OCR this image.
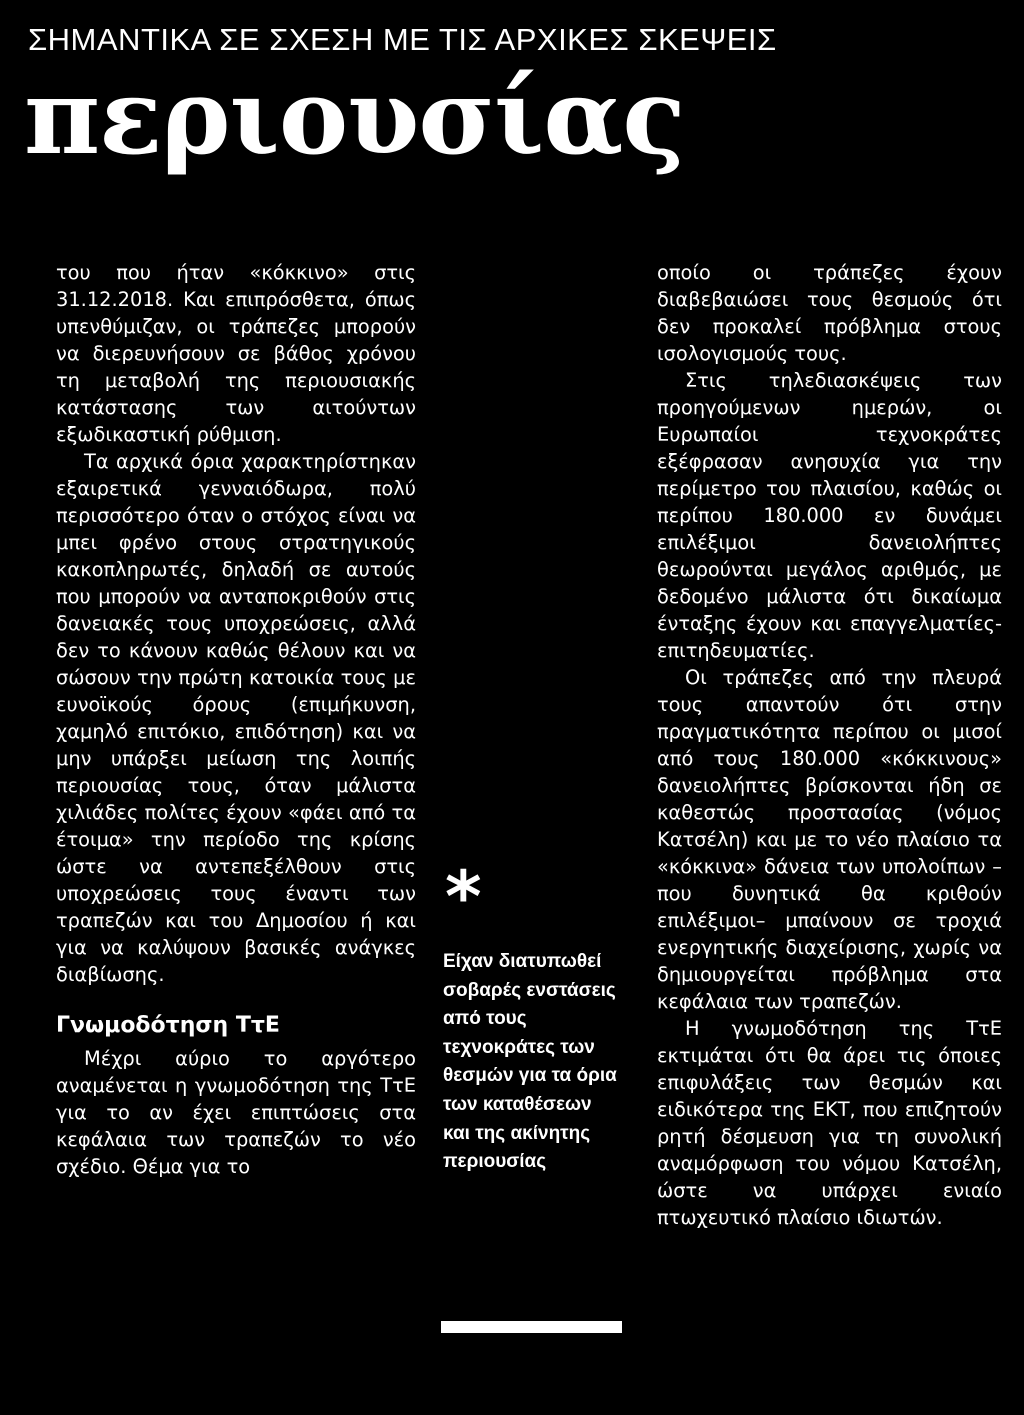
ΣΗΜΑΝΤΙΚΑ ΣΕ ΣΧΕΣΗ ΜΕ ΤΙΣ ΑΡΧΙΚΕΣ ΣΚΕΨΕΙΣ
περιουσίας

του που ήταν «κόκκινο» στις 31.12.2018. Και επιπρόσθετα, όπως υπενθύμιζαν, οι τράπεζες μπορούν να διερευνήσουν σε βάθος χρόνου τη μεταβολή της περιουσιακής κατάστασης των αιτούντων εξωδικαστική ρύθμιση.

Τα αρχικά όρια χαρακτηρίστηκαν εξαιρετικά γενναιόδωρα, πολύ περισσότερο όταν ο στόχος είναι να μπει φρένο στους στρατηγικούς κακοπληρωτές, δηλαδή σε αυτούς που μπορούν να ανταποκριθούν στις δανειακές τους υποχρεώσεις, αλλά δεν το κάνουν καθώς θέλουν και να σώσουν την πρώτη κατοικία τους με ευνοϊκούς όρους (επιμήκυνση, χαμηλό επιτόκιο, επιδότηση) και να μην υπάρξει μείωση της λοιπής περιουσίας τους, όταν μάλιστα χιλιάδες πολίτες έχουν «φάει από τα έτοιμα» την περίοδο της κρίσης ώστε να αντεπεξέλθουν στις υποχρεώσεις τους έναντι των τραπεζών και του Δημοσίου ή και για να καλύψουν βασικές ανάγκες διαβίωσης.

Γνωμοδότηση ΤτΕ

Μέχρι αύριο το αργότερο αναμένεται η γνωμοδότηση της ΤτΕ για το αν έχει επιπτώσεις στα κεφάλαια των τραπεζών το νέο σχέδιο. Θέμα για το

*
Είχαν διατυπωθεί σοβαρές ενστάσεις από τους τεχνοκράτες των θεσμών για τα όρια των καταθέσεων και της ακίνητης περιουσίας

οποίο οι τράπεζες έχουν διαβεβαιώσει τους θεσμούς ότι δεν προκαλεί πρόβλημα στους ισολογισμούς τους.

Στις τηλεδιασκέψεις των προηγούμενων ημερών, οι Ευρωπαίοι τεχνοκράτες εξέφρασαν ανησυχία για την περίμετρο του πλαισίου, καθώς οι περίπου 180.000 εν δυνάμει επιλέξιμοι δανειολήπτες θεωρούνται μεγάλος αριθμός, με δεδομένο μάλιστα ότι δικαίωμα ένταξης έχουν και επαγγελματίες-επιτηδευματίες.

Οι τράπεζες από την πλευρά τους απαντούν ότι στην πραγματικότητα περίπου οι μισοί από τους 180.000 «κόκκινους» δανειολήπτες βρίσκονται ήδη σε καθεστώς προστασίας (νόμος Κατσέλη) και με το νέο πλαίσιο τα «κόκκινα» δάνεια των υπολοίπων –που δυνητικά θα κριθούν επιλέξιμοι– μπαίνουν σε τροχιά ενεργητικής διαχείρισης, χωρίς να δημιουργείται πρόβλημα στα κεφάλαια των τραπεζών.

Η γνωμοδότηση της ΤτΕ εκτιμάται ότι θα άρει τις όποιες επιφυλάξεις των θεσμών και ειδικότερα της ΕΚΤ, που επιζητούν ρητή δέσμευση για τη συνολική αναμόρφωση του νόμου Κατσέλη, ώστε να υπάρχει ενιαίο πτωχευτικό πλαίσιο ιδιωτών.
